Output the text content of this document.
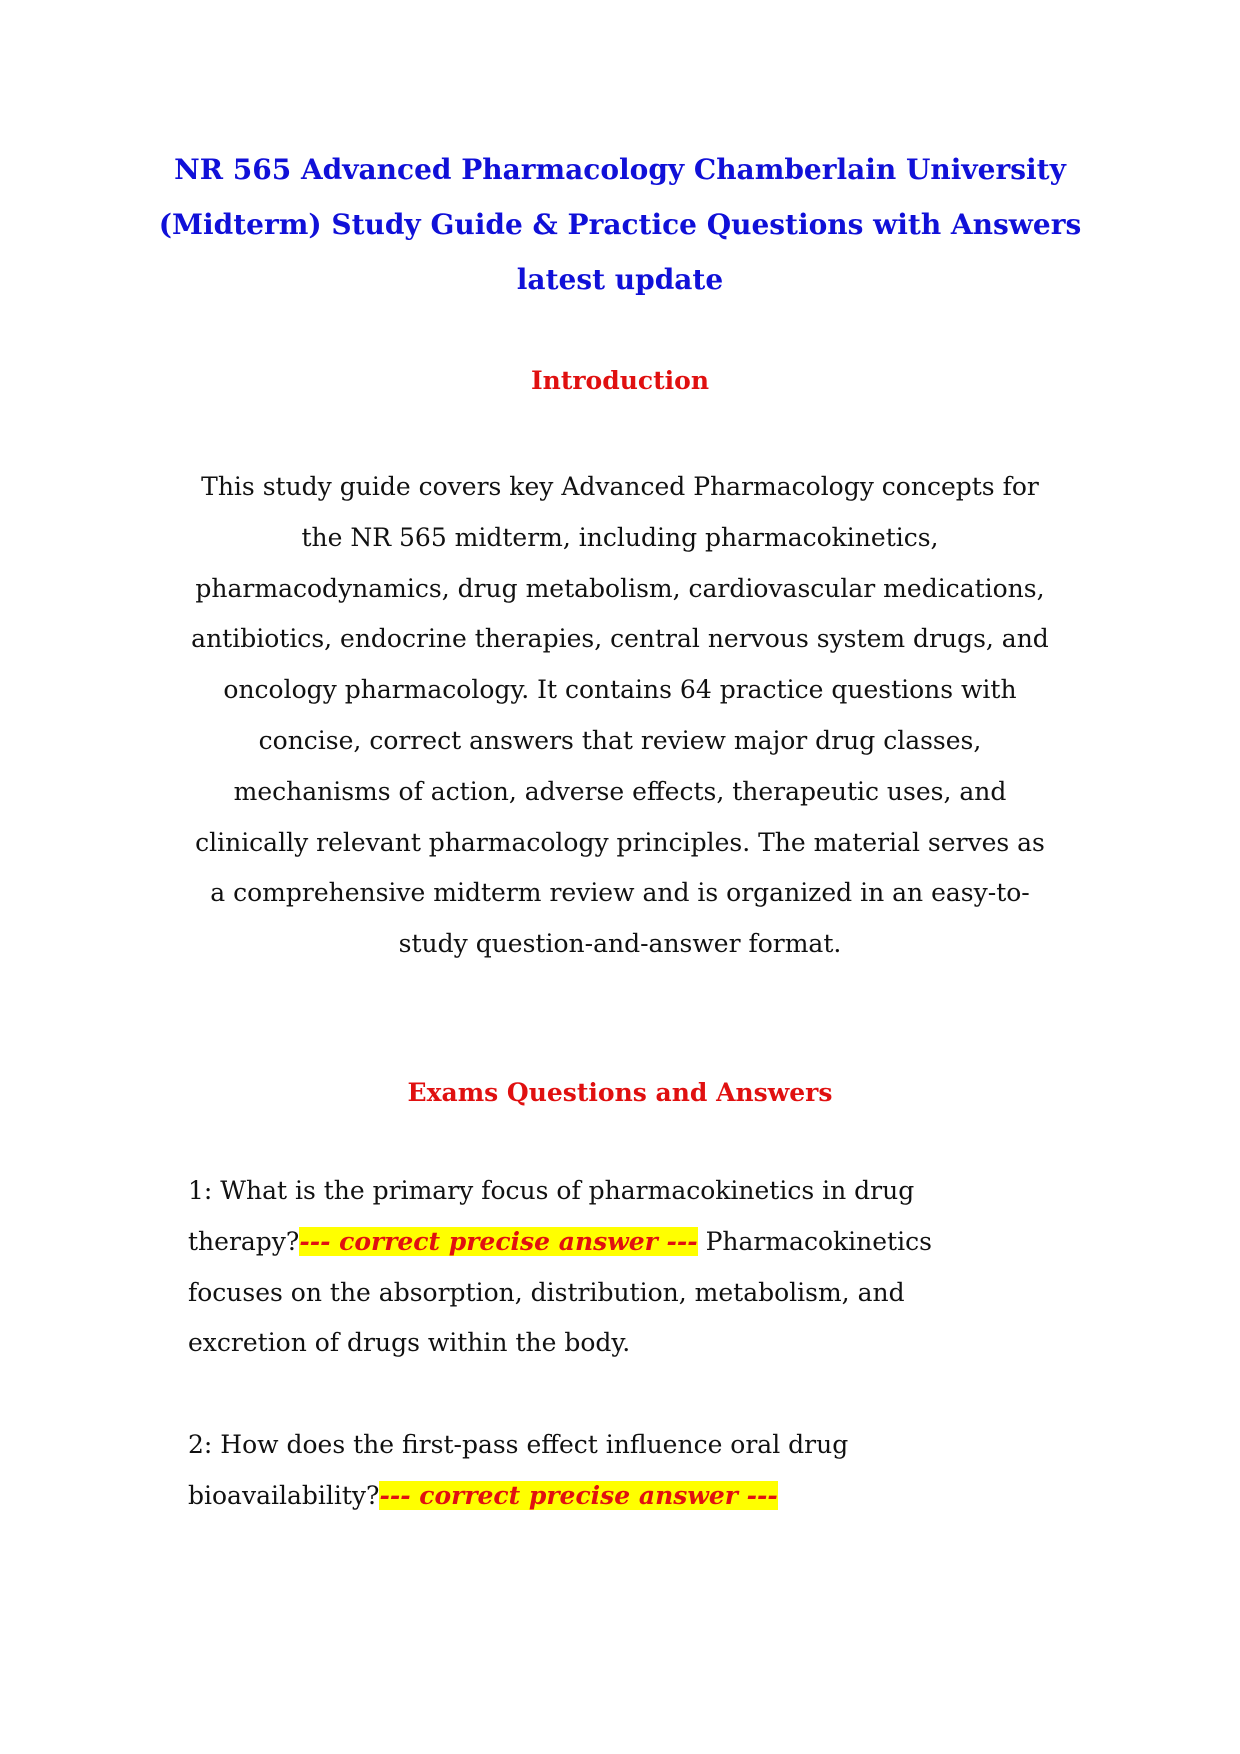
NR 565 Advanced Pharmacology Chamberlain University (Midterm) Study Guide & Practice Questions with Answers latest update
Introduction

This study guide covers key Advanced Pharmacology concepts for the NR 565 midterm, including pharmacokinetics, pharmacodynamics, drug metabolism, cardiovascular medications, antibiotics, endocrine therapies, central nervous system drugs, and oncology pharmacology. It contains 64 practice questions with concise, correct answers that review major drug classes, mechanisms of action, adverse effects, therapeutic uses, and clinically relevant pharmacology principles. The material serves as a comprehensive midterm review and is organized in an easy-to-study question-and-answer format.

Exams Questions and Answers

1: What is the primary focus of pharmacokinetics in drug therapy?--- correct precise answer --- Pharmacokinetics focuses on the absorption, distribution, metabolism, and excretion of drugs within the body.

2: How does the first-pass effect influence oral drug bioavailability?--- correct precise answer ---
